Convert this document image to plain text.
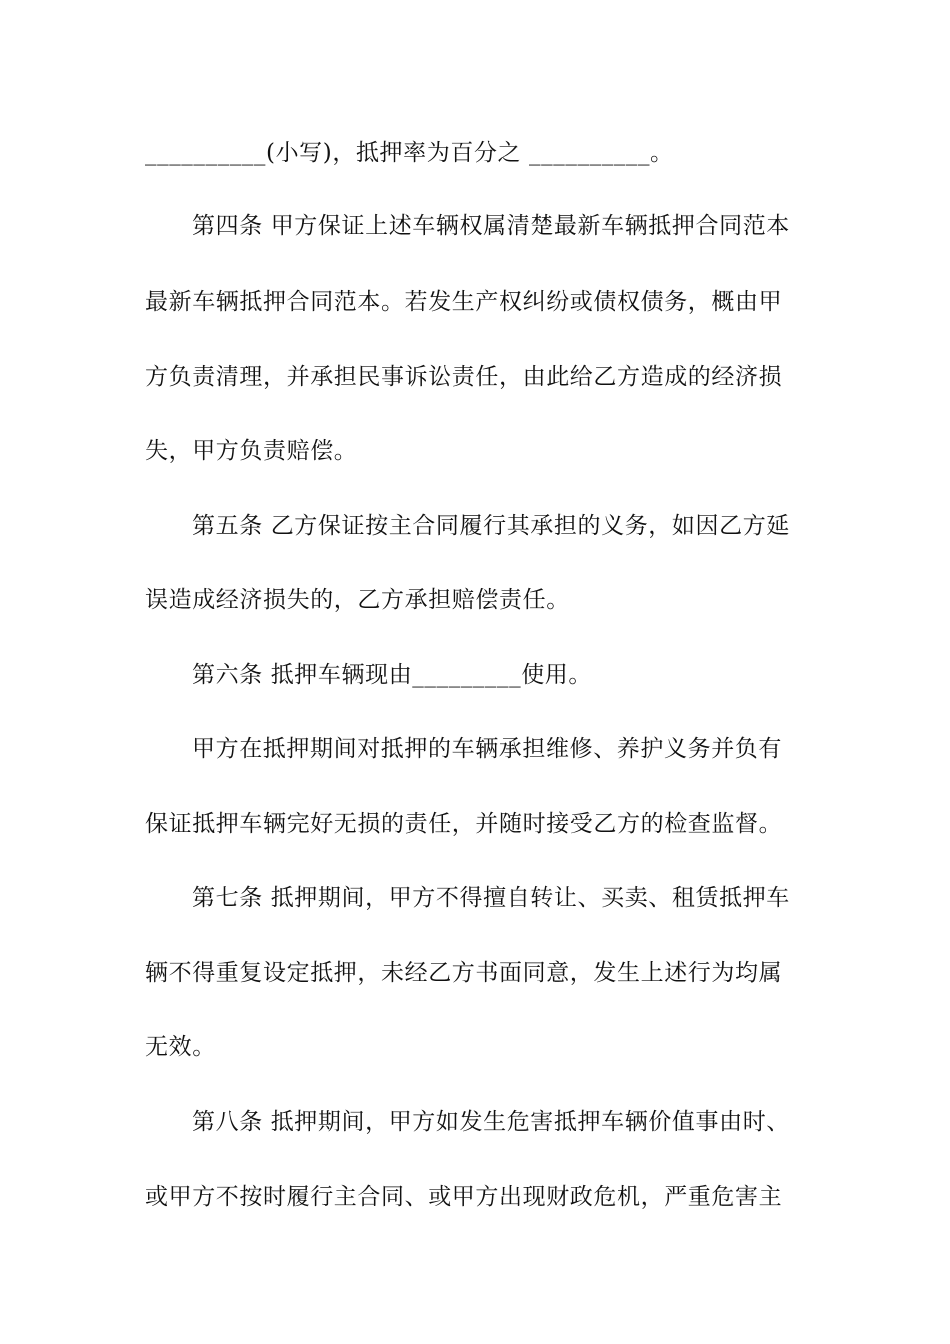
__________(小写)，抵押率为百分之 __________。
第四条 甲方保证上述车辆权属清楚最新车辆抵押合同范本
最新车辆抵押合同范本。若发生产权纠纷或债权债务，概由甲
方负责清理，并承担民事诉讼责任，由此给乙方造成的经济损
失，甲方负责赔偿。
第五条 乙方保证按主合同履行其承担的义务，如因乙方延
误造成经济损失的，乙方承担赔偿责任。
第六条 抵押车辆现由_________使用。
甲方在抵押期间对抵押的车辆承担维修、养护义务并负有
保证抵押车辆完好无损的责任，并随时接受乙方的检查监督。
第七条 抵押期间，甲方不得擅自转让、买卖、租赁抵押车
辆不得重复设定抵押，未经乙方书面同意，发生上述行为均属
无效。
第八条 抵押期间，甲方如发生危害抵押车辆价值事由时、
或甲方不按时履行主合同、或甲方出现财政危机，严重危害主
